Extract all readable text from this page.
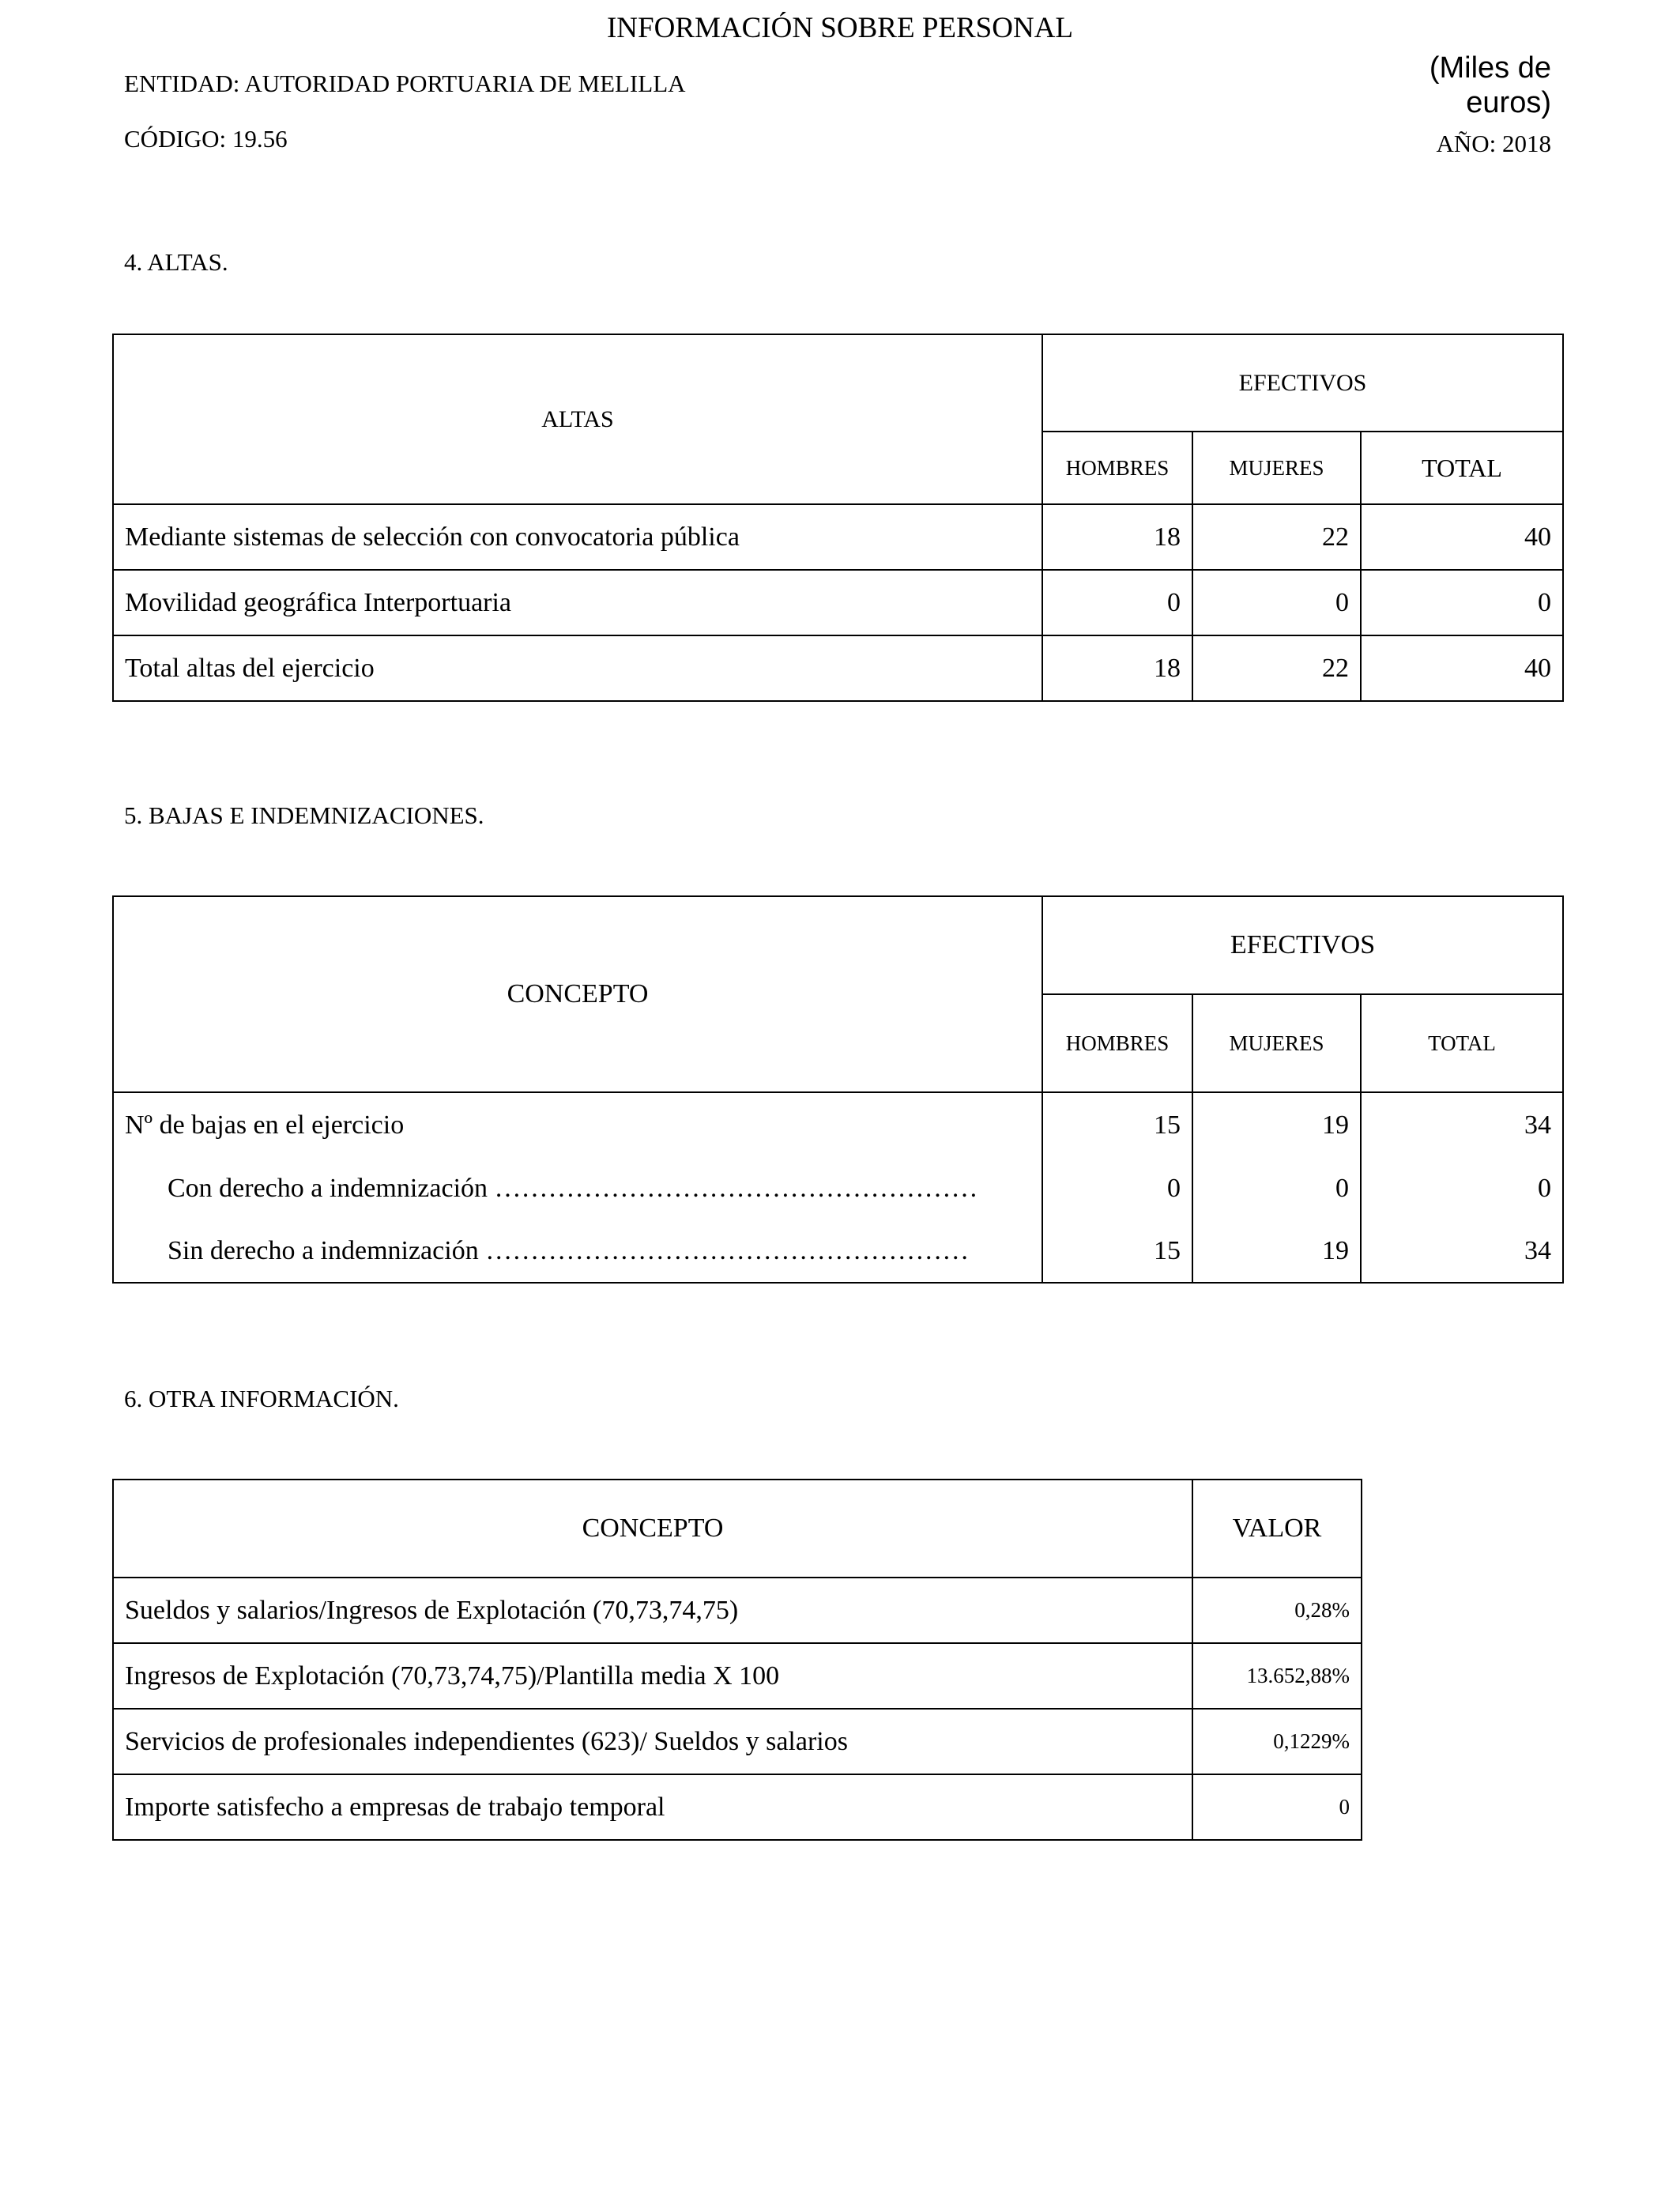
INFORMACIÓN SOBRE PERSONAL
ENTIDAD: AUTORIDAD PORTUARIA DE MELILLA
CÓDIGO: 19.56
(Miles de
euros)
AÑO: 2018
4. ALTAS.
ALTAS	EFECTIVOS		
	HOMBRES	MUJERES	TOTAL
Mediante sistemas de selección con convocatoria pública	18	22	40
Movilidad geográfica Interportuaria	0	0	0
Total altas del ejercicio	18	22	40
5. BAJAS E INDEMNIZACIONES.
CONCEPTO	EFECTIVOS		
	HOMBRES	MUJERES	TOTAL
Nº de bajas en el ejercicio	15	19	34
Con derecho a indemnización ………………………………………………	0	0	0
Sin derecho a indemnización ………………………………………………	15	19	34
6. OTRA INFORMACIÓN.
CONCEPTO	VALOR
Sueldos y salarios/Ingresos de Explotación (70,73,74,75)	0,28%
Ingresos de Explotación (70,73,74,75)/Plantilla media X 100	13.652,88%
Servicios de profesionales independientes (623)/ Sueldos y salarios	0,1229%
Importe satisfecho a empresas de trabajo temporal	0
